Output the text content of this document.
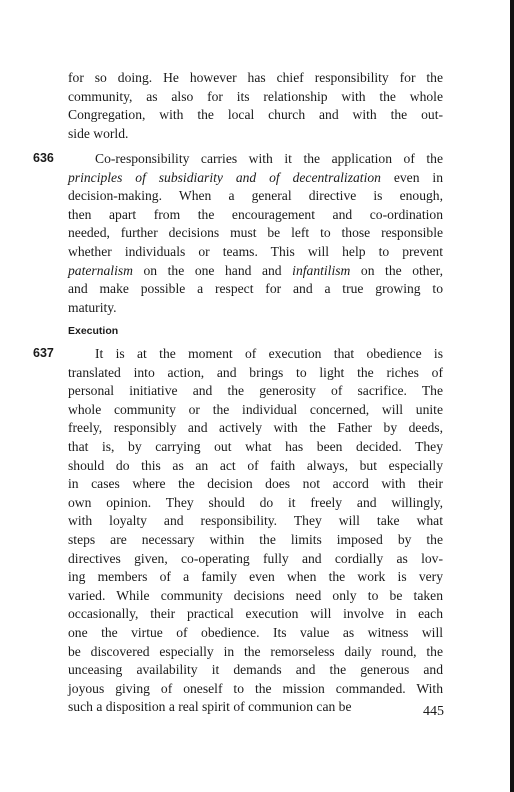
for so doing. He however has chief responsibility for the
community, as also for its relationship with the whole
Congregation, with the local church and with the out-
side world.
636	Co-responsibility carries with it the application of the
principles of subsidiarity and of decentralization even in
decision-making. When a general directive is enough,
then apart from the encouragement and co-ordination
needed, further decisions must be left to those responsible
whether individuals or teams. This will help to prevent
paternalism on the one hand and infantilism on the other,
and make possible a respect for and a true growing to
maturity.
Execution
637	It is at the moment of execution that obedience is
translated into action, and brings to light the riches of
personal initiative and the generosity of sacrifice. The
whole community or the individual concerned, will unite
freely, responsibly and actively with the Father by deeds,
that is, by carrying out what has been decided. They
should do this as an act of faith always, but especially
in cases where the decision does not accord with their
own opinion. They should do it freely and willingly,
with loyalty and responsibility. They will take what
steps are necessary within the limits imposed by the
directives given, co-operating fully and cordially as lov-
ing members of a family even when the work is very
varied. While community decisions need only to be taken
occasionally, their practical execution will involve in each
one the virtue of obedience. Its value as witness will
be discovered especially in the remorseless daily round, the
unceasing availability it demands and the generous and
joyous giving of oneself to the mission commanded. With
such a disposition a real spirit of communion can be	445
